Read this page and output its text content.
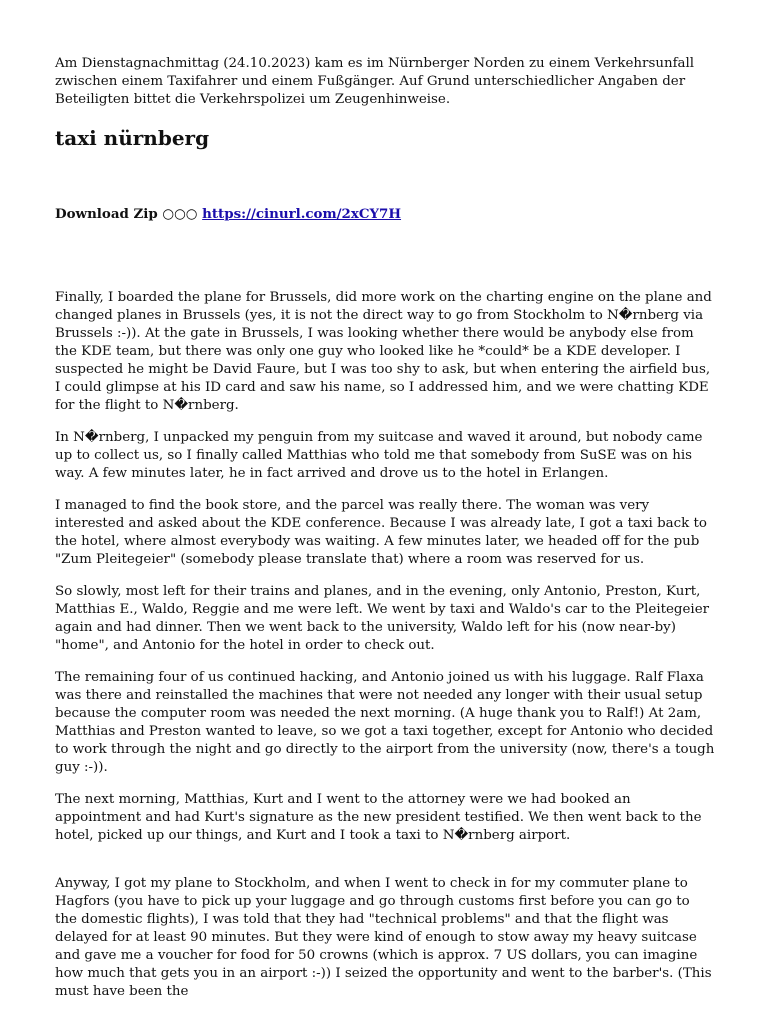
Am Dienstagnachmittag (24.10.2023) kam es im Nürnberger Norden zu einem Verkehrsunfall zwischen einem Taxifahrer und einem Fußgänger. Auf Grund unterschiedlicher Angaben der Beteiligten bittet die Verkehrspolizei um Zeugenhinweise.

taxi nürnberg

Download Zip ○○○ https://cinurl.com/2xCY7H

Finally, I boarded the plane for Brussels, did more work on the charting engine on the plane and changed planes in Brussels (yes, it is not the direct way to go from Stockholm to N�rnberg via Brussels :-)). At the gate in Brussels, I was looking whether there would be anybody else from the KDE team, but there was only one guy who looked like he *could* be a KDE developer. I suspected he might be David Faure, but I was too shy to ask, but when entering the airfield bus, I could glimpse at his ID card and saw his name, so I addressed him, and we were chatting KDE for the flight to N�rnberg.

In N�rnberg, I unpacked my penguin from my suitcase and waved it around, but nobody came up to collect us, so I finally called Matthias who told me that somebody from SuSE was on his way. A few minutes later, he in fact arrived and drove us to the hotel in Erlangen.

I managed to find the book store, and the parcel was really there. The woman was very interested and asked about the KDE conference. Because I was already late, I got a taxi back to the hotel, where almost everybody was waiting. A few minutes later, we headed off for the pub "Zum Pleitegeier" (somebody please translate that) where a room was reserved for us.

So slowly, most left for their trains and planes, and in the evening, only Antonio, Preston, Kurt, Matthias E., Waldo, Reggie and me were left. We went by taxi and Waldo's car to the Pleitegeier again and had dinner. Then we went back to the university, Waldo left for his (now near-by) "home", and Antonio for the hotel in order to check out.

The remaining four of us continued hacking, and Antonio joined us with his luggage. Ralf Flaxa was there and reinstalled the machines that were not needed any longer with their usual setup because the computer room was needed the next morning. (A huge thank you to Ralf!) At 2am, Matthias and Preston wanted to leave, so we got a taxi together, except for Antonio who decided to work through the night and go directly to the airport from the university (now, there's a tough guy :-)).

The next morning, Matthias, Kurt and I went to the attorney were we had booked an appointment and had Kurt's signature as the new president testified. We then went back to the hotel, picked up our things, and Kurt and I took a taxi to N�rnberg airport.

Anyway, I got my plane to Stockholm, and when I went to check in for my commuter plane to Hagfors (you have to pick up your luggage and go through customs first before you can go to the domestic flights), I was told that they had "technical problems" and that the flight was delayed for at least 90 minutes. But they were kind of enough to stow away my heavy suitcase and gave me a voucher for food for 50 crowns (which is approx. 7 US dollars, you can imagine how much that gets you in an airport :-)) I seized the opportunity and went to the barber's. (This must have been the
